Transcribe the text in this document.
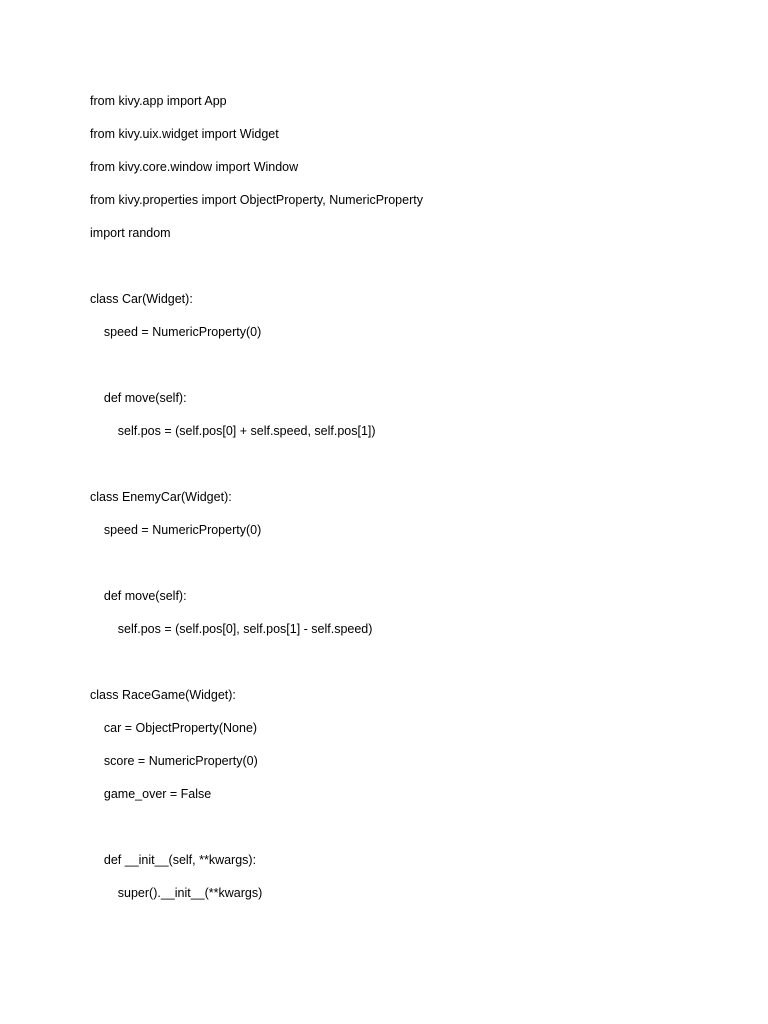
from kivy.app import App
from kivy.uix.widget import Widget
from kivy.core.window import Window
from kivy.properties import ObjectProperty, NumericProperty
import random
class Car(Widget):
speed = NumericProperty(0)
def move(self):
self.pos = (self.pos[0] + self.speed, self.pos[1])
class EnemyCar(Widget):
speed = NumericProperty(0)
def move(self):
self.pos = (self.pos[0], self.pos[1] - self.speed)
class RaceGame(Widget):
car = ObjectProperty(None)
score = NumericProperty(0)
game_over = False
def __init__(self, **kwargs):
super().__init__(**kwargs)
